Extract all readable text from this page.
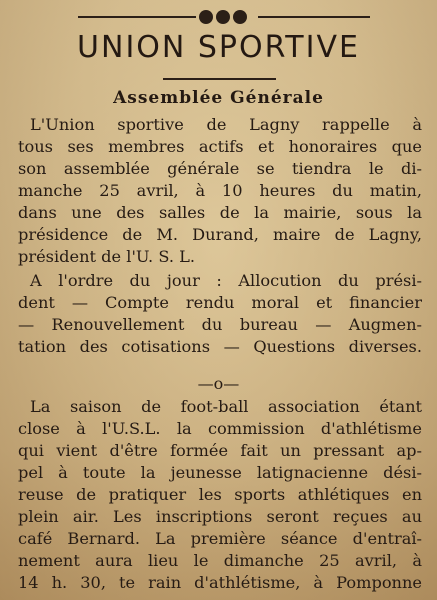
UNION SPORTIVE
Assemblée Générale
L'Union sportive de Lagny rappelle à
tous ses membres actifs et honoraires que
son assemblée générale se tiendra le di-
manche 25 avril, à 10 heures du matin,
dans une des salles de la mairie, sous la
présidence de M. Durand, maire de Lagny,
président de l'U. S. L.
A l'ordre du jour : Allocution du prési-
dent — Compte rendu moral et financier
— Renouvellement du bureau — Augmen-
tation des cotisations — Questions diverses.
—o—
La saison de foot-ball association étant
close à l'U.S.L. la commission d'athlétisme
qui vient d'être formée fait un pressant ap-
pel à toute la jeunesse latignacienne dési-
reuse de pratiquer les sports athlétiques en
plein air. Les inscriptions seront reçues au
café Bernard. La première séance d'entraî-
nement aura lieu le dimanche 25 avril, à
14 h. 30, te rain d'athlétisme, à Pomponne
